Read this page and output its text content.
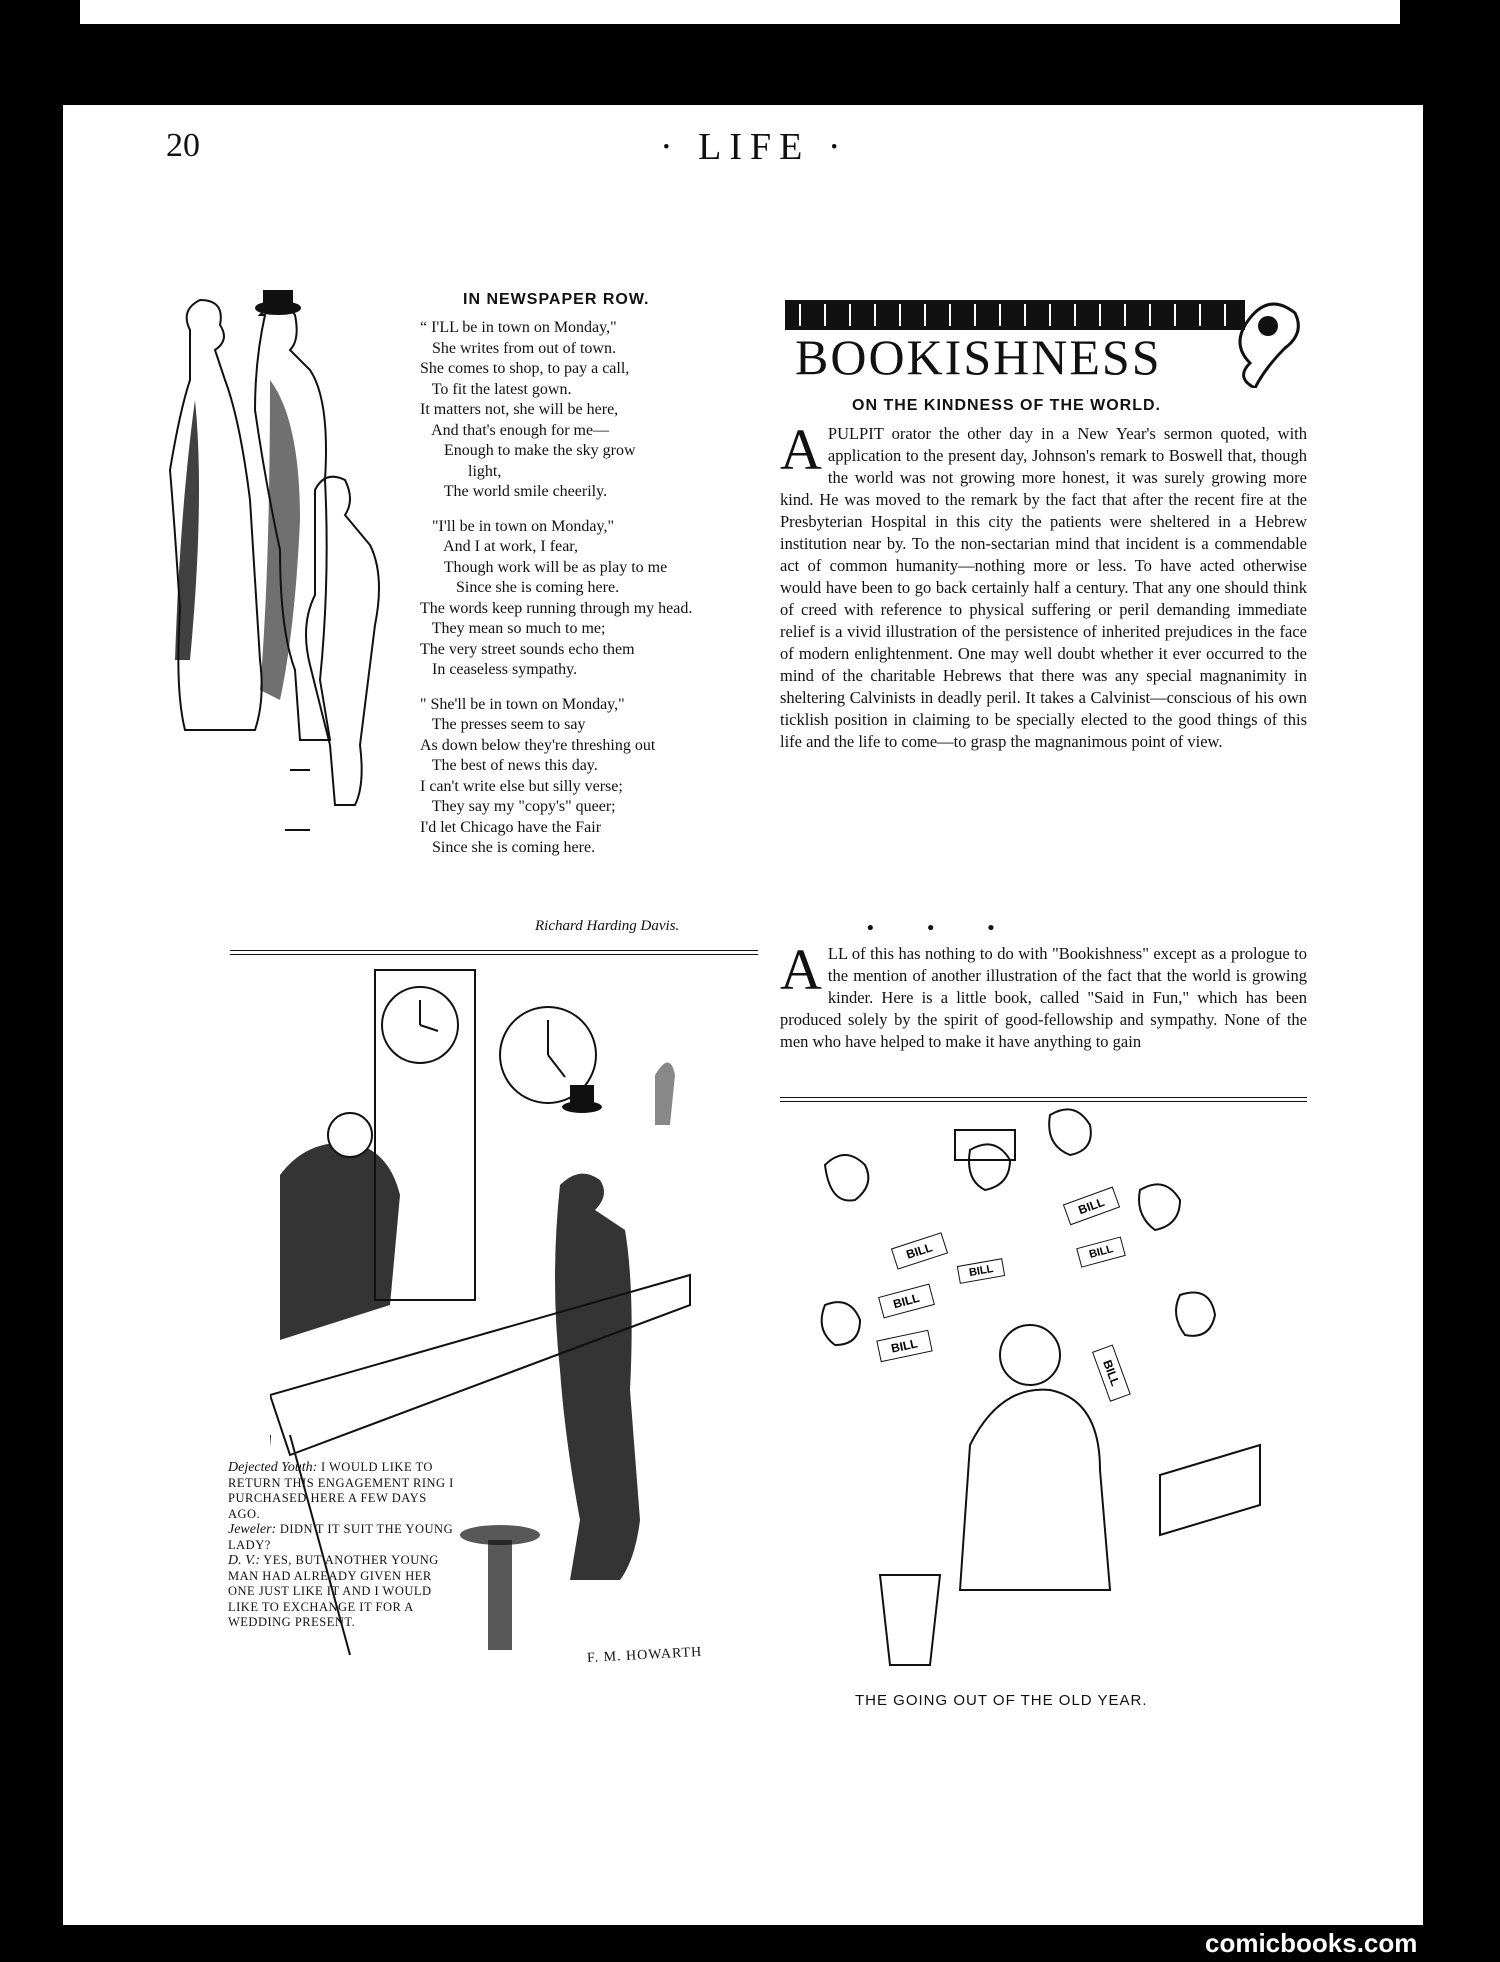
20	· LIFE ·
IN NEWSPAPER ROW.
“ I'LL be in town on Monday,"
She writes from out of town.
She comes to shop, to pay a call,
To fit the latest gown.
It matters not, she will be here,
And that's enough for me—
Enough to make the sky grow
light,
The world smile cheerily.
"I'll be in town on Monday,"
And I at work, I fear,
Though work will be as play to me
Since she is coming here.
The words keep running through my head.
They mean so much to me;
The very street sounds echo them
In ceaseless sympathy.
" She'll be in town on Monday,"
The presses seem to say
As down below they're threshing out
The best of news this day.
I can't write else but silly verse;
They say my "copy's" queer;
I'd let Chicago have the Fair
Since she is coming here.
Richard Harding Davis.
BOOKISHNESS
ON THE KINDNESS OF THE WORLD.
APULPIT orator the other day in a New Year's sermon quoted, with application to the present day, Johnson's remark to Boswell that, though the world was not growing more honest, it was surely growing more kind. He was moved to the remark by the fact that after the recent fire at the Presbyterian Hospital in this city the patients were sheltered in a Hebrew institution near by. To the non-sectarian mind that incident is a commendable act of common humanity—nothing more or less. To have acted otherwise would have been to go back certainly half a century. That any one should think of creed with reference to physical suffering or peril demanding immediate relief is a vivid illustration of the persistence of inherited prejudices in the face of modern enlightenment. One may well doubt whether it ever occurred to the mind of the charitable Hebrews that there was any special magnanimity in sheltering Calvinists in deadly peril. It takes a Calvinist—conscious of his own ticklish position in claiming to be specially elected to the good things of this life and the life to come—to grasp the magnanimous point of view.
• • •
ALL of this has nothing to do with "Bookishness" except as a prologue to the mention of another illustration of the fact that the world is growing kinder. Here is a little book, called "Said in Fun," which has been produced solely by the spirit of good-fellowship and sympathy. None of the men who have helped to make it have anything to gain
Dejected Youth: I WOULD LIKE TO RETURN THIS ENGAGEMENT RING I PURCHASED HERE A FEW DAYS AGO.
Jeweler: DIDN'T IT SUIT THE YOUNG LADY?
D. V.: YES, BUT ANOTHER YOUNG MAN HAD ALREADY GIVEN HER ONE JUST LIKE IT AND I WOULD LIKE TO EXCHANGE IT FOR A WEDDING PRESENT.
F. M. HOWARTH
BILL
BILL
BILL
BILL
BILL
BILL
BILL
THE GOING OUT OF THE OLD YEAR.
comicbooks.com
